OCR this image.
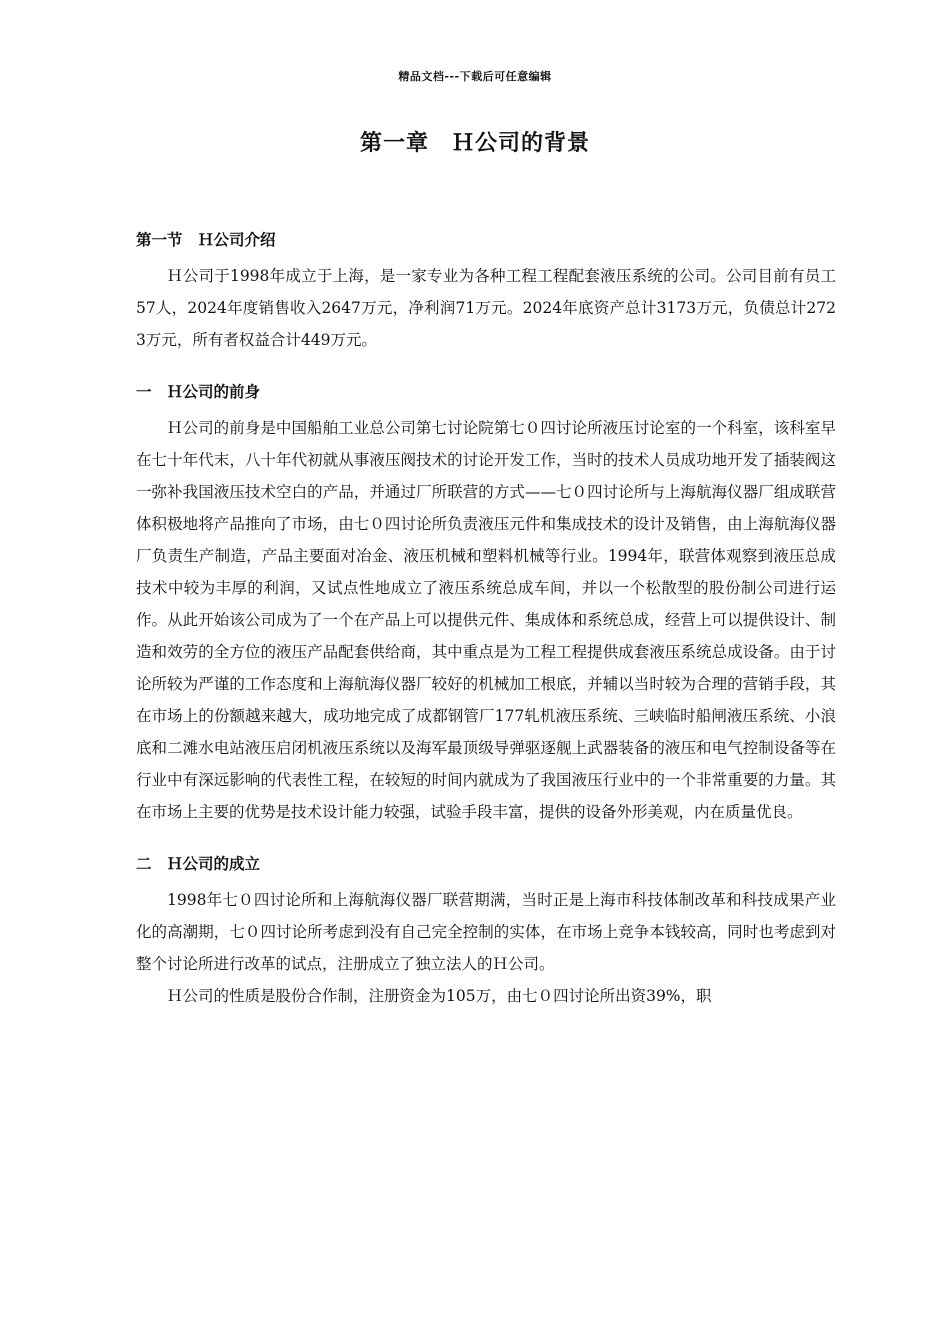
精品文档---下载后可任意编辑
第一章　Ｈ公司的背景
第一节　Ｈ公司介绍

Ｈ公司于1998年成立于上海，是一家专业为各种工程工程配套液压系统的公司。公司目前有员工57人，2024年度销售收入2647万元，净利润71万元。2024年底资产总计3173万元，负债总计2723万元，所有者权益合计449万元。

一　Ｈ公司的前身

Ｈ公司的前身是中国船舶工业总公司第七讨论院第七０四讨论所液压讨论室的一个科室，该科室早在七十年代末，八十年代初就从事液压阀技术的讨论开发工作，当时的技术人员成功地开发了插装阀这一弥补我国液压技术空白的产品，并通过厂所联营的方式——七０四讨论所与上海航海仪器厂组成联营体积极地将产品推向了市场，由七０四讨论所负责液压元件和集成技术的设计及销售，由上海航海仪器厂负责生产制造，产品主要面对冶金、液压机械和塑料机械等行业。1994年，联营体观察到液压总成技术中较为丰厚的利润，又试点性地成立了液压系统总成车间，并以一个松散型的股份制公司进行运作。从此开始该公司成为了一个在产品上可以提供元件、集成体和系统总成，经营上可以提供设计、制造和效劳的全方位的液压产品配套供给商，其中重点是为工程工程提供成套液压系统总成设备。由于讨论所较为严谨的工作态度和上海航海仪器厂较好的机械加工根底，并辅以当时较为合理的营销手段，其在市场上的份额越来越大，成功地完成了成都钢管厂177轧机液压系统、三峡临时船闸液压系统、小浪底和二滩水电站液压启闭机液压系统以及海军最顶级导弹驱逐舰上武器装备的液压和电气控制设备等在行业中有深远影响的代表性工程，在较短的时间内就成为了我国液压行业中的一个非常重要的力量。其在市场上主要的优势是技术设计能力较强，试验手段丰富，提供的设备外形美观，内在质量优良。

二　Ｈ公司的成立

1998年七０四讨论所和上海航海仪器厂联营期满，当时正是上海市科技体制改革和科技成果产业化的高潮期，七０四讨论所考虑到没有自己完全控制的实体，在市场上竞争本钱较高，同时也考虑到对整个讨论所进行改革的试点，注册成立了独立法人的Ｈ公司。

Ｈ公司的性质是股份合作制，注册资金为105万，由七０四讨论所出资39%，职
